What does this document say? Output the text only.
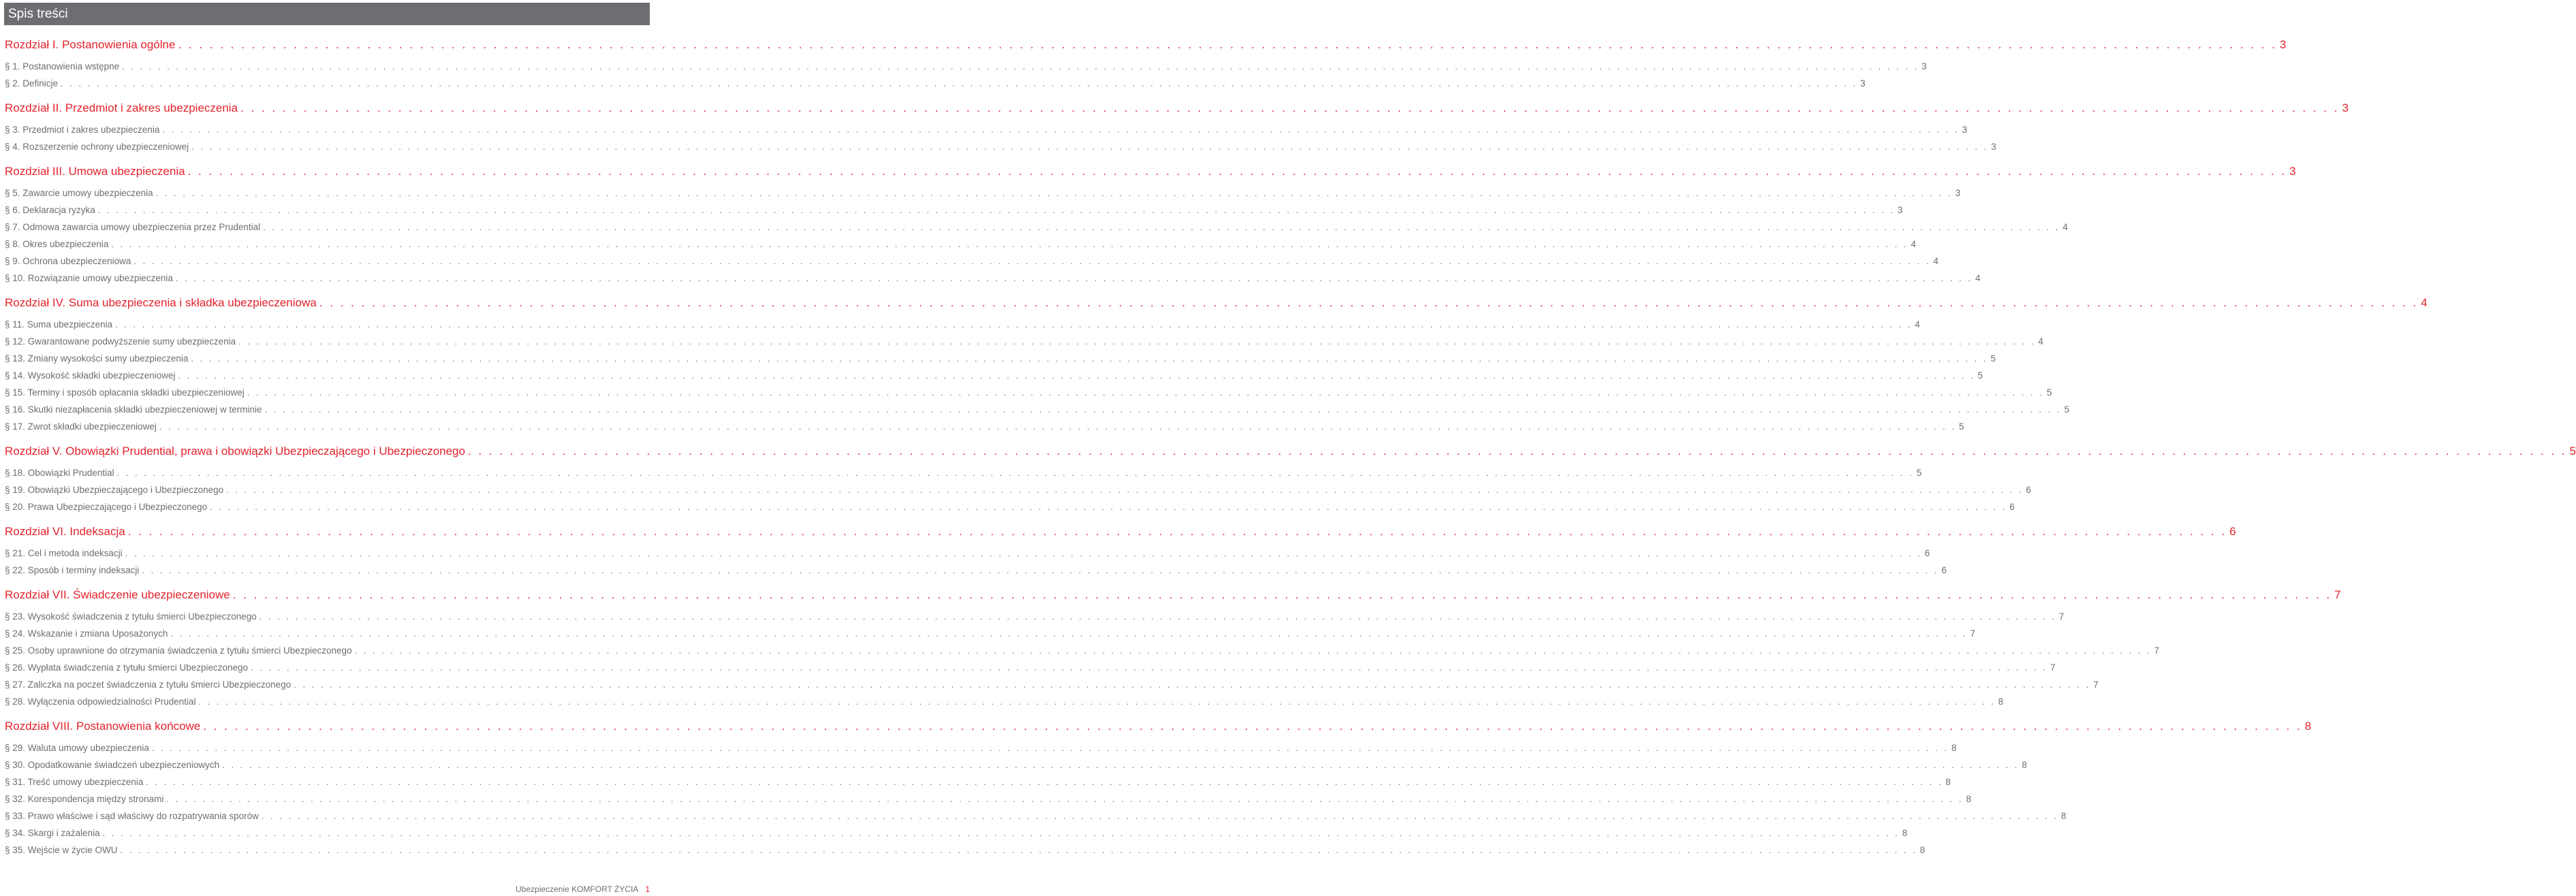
Spis treści
Rozdział I. Postanowienia ogólne . . . . . . . . . . . . . . . . . . . . . . . . . . . . . . . . . . . . . . . . . . . . . . . . . . . . . . . . . . . . . . . . . . . . . . . . . . . . . . . . . . . . . . . . . . . . . . . . . . . . . . . . . . . . . . . . . . . . . . . . . . . . . . . . . . . . . . . . . . . . . . . . . . . . . . . . . . . . . . . . . . . . . . . . . . . . . . . . . . . . . . . . . . . . . . . . . . . . . . . . 3
§ 1. Postanowienia wstępne . . . . . . . . . . . . . . . . . . . . . . . . . . . . . . . . . . . . . . . . . . . . . . . . . . . . . . . . . . . . . . . . . . . . . . . . . . . . . . . . . . . . . . . . . . . . . . . . . . . . . . . . . . . . . . . . . . . . . . . . . . . . . . . . . . . . . . . . . . . . . . . . . . . . . . . . . . . . . . . . . . . . . . . . . . . . . . . . . . . . . . . . . . . . . . . . . . . . . . . . 3
§ 2. Definicje . . . . . . . . . . . . . . . . . . . . . . . . . . . . . . . . . . . . . . . . . . . . . . . . . . . . . . . . . . . . . . . . . . . . . . . . . . . . . . . . . . . . . . . . . . . . . . . . . . . . . . . . . . . . . . . . . . . . . . . . . . . . . . . . . . . . . . . . . . . . . . . . . . . . . . . . . . . . . . . . . . . . . . . . . . . . . . . . . . . . . . . . . . . . . . . . . . . . . . . . 3
Rozdział II. Przedmiot i zakres ubezpieczenia . . . . . . . . . . . . . . . . . . . . . . . . . . . . . . . . . . . . . . . . . . . . . . . . . . . . . . . . . . . . . . . . . . . . . . . . . . . . . . . . . . . . . . . . . . . . . . . . . . . . . . . . . . . . . . . . . . . . . . . . . . . . . . . . . . . . . . . . . . . . . . . . . . . . . . . . . . . . . . . . . . . . . . . . . . . . . . . . . . . . . . . . . . . . . . . . . . . . . . . . 3
§ 3. Przedmiot i zakres ubezpieczenia . . . . . . . . . . . . . . . . . . . . . . . . . . . . . . . . . . . . . . . . . . . . . . . . . . . . . . . . . . . . . . . . . . . . . . . . . . . . . . . . . . . . . . . . . . . . . . . . . . . . . . . . . . . . . . . . . . . . . . . . . . . . . . . . . . . . . . . . . . . . . . . . . . . . . . . . . . . . . . . . . . . . . . . . . . . . . . . . . . . . . . . . . . . . . . . . . . . . . . . . 3
§ 4. Rozszerzenie ochrony ubezpieczeniowej . . . . . . . . . . . . . . . . . . . . . . . . . . . . . . . . . . . . . . . . . . . . . . . . . . . . . . . . . . . . . . . . . . . . . . . . . . . . . . . . . . . . . . . . . . . . . . . . . . . . . . . . . . . . . . . . . . . . . . . . . . . . . . . . . . . . . . . . . . . . . . . . . . . . . . . . . . . . . . . . . . . . . . . . . . . . . . . . . . . . . . . . . . . . . . . . . . . . . . . . 3
Rozdział III. Umowa ubezpieczenia . . . . . . . . . . . . . . . . . . . . . . . . . . . . . . . . . . . . . . . . . . . . . . . . . . . . . . . . . . . . . . . . . . . . . . . . . . . . . . . . . . . . . . . . . . . . . . . . . . . . . . . . . . . . . . . . . . . . . . . . . . . . . . . . . . . . . . . . . . . . . . . . . . . . . . . . . . . . . . . . . . . . . . . . . . . . . . . . . . . . . . . . . . . . . . . . . . . . . . . . 3
§ 5. Zawarcie umowy ubezpieczenia . . . . . . . . . . . . . . . . . . . . . . . . . . . . . . . . . . . . . . . . . . . . . . . . . . . . . . . . . . . . . . . . . . . . . . . . . . . . . . . . . . . . . . . . . . . . . . . . . . . . . . . . . . . . . . . . . . . . . . . . . . . . . . . . . . . . . . . . . . . . . . . . . . . . . . . . . . . . . . . . . . . . . . . . . . . . . . . . . . . . . . . . . . . . . . . . . . . . . . . . 3
§ 6. Deklaracja ryzyka . . . . . . . . . . . . . . . . . . . . . . . . . . . . . . . . . . . . . . . . . . . . . . . . . . . . . . . . . . . . . . . . . . . . . . . . . . . . . . . . . . . . . . . . . . . . . . . . . . . . . . . . . . . . . . . . . . . . . . . . . . . . . . . . . . . . . . . . . . . . . . . . . . . . . . . . . . . . . . . . . . . . . . . . . . . . . . . . . . . . . . . . . . . . . . . . . . . . . . . . 3
§ 7. Odmowa zawarcia umowy ubezpieczenia przez Prudential . . . . . . . . . . . . . . . . . . . . . . . . . . . . . . . . . . . . . . . . . . . . . . . . . . . . . . . . . . . . . . . . . . . . . . . . . . . . . . . . . . . . . . . . . . . . . . . . . . . . . . . . . . . . . . . . . . . . . . . . . . . . . . . . . . . . . . . . . . . . . . . . . . . . . . . . . . . . . . . . . . . . . . . . . . . . . . . . . . . . . . . . . . . . . . . . . . . . . . . . 4
§ 8. Okres ubezpieczenia . . . . . . . . . . . . . . . . . . . . . . . . . . . . . . . . . . . . . . . . . . . . . . . . . . . . . . . . . . . . . . . . . . . . . . . . . . . . . . . . . . . . . . . . . . . . . . . . . . . . . . . . . . . . . . . . . . . . . . . . . . . . . . . . . . . . . . . . . . . . . . . . . . . . . . . . . . . . . . . . . . . . . . . . . . . . . . . . . . . . . . . . . . . . . . . . . . . . . . . . 4
§ 9. Ochrona ubezpieczeniowa . . . . . . . . . . . . . . . . . . . . . . . . . . . . . . . . . . . . . . . . . . . . . . . . . . . . . . . . . . . . . . . . . . . . . . . . . . . . . . . . . . . . . . . . . . . . . . . . . . . . . . . . . . . . . . . . . . . . . . . . . . . . . . . . . . . . . . . . . . . . . . . . . . . . . . . . . . . . . . . . . . . . . . . . . . . . . . . . . . . . . . . . . . . . . . . . . . . . . . . . 4
§ 10. Rozwiązanie umowy ubezpieczenia . . . . . . . . . . . . . . . . . . . . . . . . . . . . . . . . . . . . . . . . . . . . . . . . . . . . . . . . . . . . . . . . . . . . . . . . . . . . . . . . . . . . . . . . . . . . . . . . . . . . . . . . . . . . . . . . . . . . . . . . . . . . . . . . . . . . . . . . . . . . . . . . . . . . . . . . . . . . . . . . . . . . . . . . . . . . . . . . . . . . . . . . . . . . . . . . . . . . . . . . 4
Rozdział IV. Suma ubezpieczenia i składka ubezpieczeniowa . . . . . . . . . . . . . . . . . . . . . . . . . . . . . . . . . . . . . . . . . . . . . . . . . . . . . . . . . . . . . . . . . . . . . . . . . . . . . . . . . . . . . . . . . . . . . . . . . . . . . . . . . . . . . . . . . . . . . . . . . . . . . . . . . . . . . . . . . . . . . . . . . . . . . . . . . . . . . . . . . . . . . . . . . . . . . . . . . . . . . . . . . . . . . . . . . . . . . . . . 4
§ 11. Suma ubezpieczenia . . . . . . . . . . . . . . . . . . . . . . . . . . . . . . . . . . . . . . . . . . . . . . . . . . . . . . . . . . . . . . . . . . . . . . . . . . . . . . . . . . . . . . . . . . . . . . . . . . . . . . . . . . . . . . . . . . . . . . . . . . . . . . . . . . . . . . . . . . . . . . . . . . . . . . . . . . . . . . . . . . . . . . . . . . . . . . . . . . . . . . . . . . . . . . . . . . . . . . . . 4
§ 12. Gwarantowane podwyższenie sumy ubezpieczenia . . . . . . . . . . . . . . . . . . . . . . . . . . . . . . . . . . . . . . . . . . . . . . . . . . . . . . . . . . . . . . . . . . . . . . . . . . . . . . . . . . . . . . . . . . . . . . . . . . . . . . . . . . . . . . . . . . . . . . . . . . . . . . . . . . . . . . . . . . . . . . . . . . . . . . . . . . . . . . . . . . . . . . . . . . . . . . . . . . . . . . . . . . . . . . . . . . . . . . . . 4
§ 13. Zmiany wysokości sumy ubezpieczenia . . . . . . . . . . . . . . . . . . . . . . . . . . . . . . . . . . . . . . . . . . . . . . . . . . . . . . . . . . . . . . . . . . . . . . . . . . . . . . . . . . . . . . . . . . . . . . . . . . . . . . . . . . . . . . . . . . . . . . . . . . . . . . . . . . . . . . . . . . . . . . . . . . . . . . . . . . . . . . . . . . . . . . . . . . . . . . . . . . . . . . . . . . . . . . . . . . . . . . . . 5
§ 14. Wysokość składki ubezpieczeniowej . . . . . . . . . . . . . . . . . . . . . . . . . . . . . . . . . . . . . . . . . . . . . . . . . . . . . . . . . . . . . . . . . . . . . . . . . . . . . . . . . . . . . . . . . . . . . . . . . . . . . . . . . . . . . . . . . . . . . . . . . . . . . . . . . . . . . . . . . . . . . . . . . . . . . . . . . . . . . . . . . . . . . . . . . . . . . . . . . . . . . . . . . . . . . . . . . . . . . . . . 5
§ 15. Terminy i sposób opłacania składki ubezpieczeniowej . . . . . . . . . . . . . . . . . . . . . . . . . . . . . . . . . . . . . . . . . . . . . . . . . . . . . . . . . . . . . . . . . . . . . . . . . . . . . . . . . . . . . . . . . . . . . . . . . . . . . . . . . . . . . . . . . . . . . . . . . . . . . . . . . . . . . . . . . . . . . . . . . . . . . . . . . . . . . . . . . . . . . . . . . . . . . . . . . . . . . . . . . . . . . . . . . . . . . . . . 5
§ 16. Skutki niezapłacenia składki ubezpieczeniowej w terminie . . . . . . . . . . . . . . . . . . . . . . . . . . . . . . . . . . . . . . . . . . . . . . . . . . . . . . . . . . . . . . . . . . . . . . . . . . . . . . . . . . . . . . . . . . . . . . . . . . . . . . . . . . . . . . . . . . . . . . . . . . . . . . . . . . . . . . . . . . . . . . . . . . . . . . . . . . . . . . . . . . . . . . . . . . . . . . . . . . . . . . . . . . . . . . . . . . . . . . . . 5
§ 17. Zwrot składki ubezpieczeniowej . . . . . . . . . . . . . . . . . . . . . . . . . . . . . . . . . . . . . . . . . . . . . . . . . . . . . . . . . . . . . . . . . . . . . . . . . . . . . . . . . . . . . . . . . . . . . . . . . . . . . . . . . . . . . . . . . . . . . . . . . . . . . . . . . . . . . . . . . . . . . . . . . . . . . . . . . . . . . . . . . . . . . . . . . . . . . . . . . . . . . . . . . . . . . . . . . . . . . . . . 5
Rozdział V. Obowiązki Prudential, prawa i obowiązki Ubezpieczającego i Ubezpieczonego . . . . . . . . . . . . . . . . . . . . . . . . . . . . . . . . . . . . . . . . . . . . . . . . . . . . . . . . . . . . . . . . . . . . . . . . . . . . . . . . . . . . . . . . . . . . . . . . . . . . . . . . . . . . . . . . . . . . . . . . . . . . . . . . . . . . . . . . . . . . . . . . . . . . . . . . . . . . . . . . . . . . . . . . . . . . . . . . . . . . . . . . . . . . . . . . . . . . . . . . 5
§ 18. Obowiązki Prudential . . . . . . . . . . . . . . . . . . . . . . . . . . . . . . . . . . . . . . . . . . . . . . . . . . . . . . . . . . . . . . . . . . . . . . . . . . . . . . . . . . . . . . . . . . . . . . . . . . . . . . . . . . . . . . . . . . . . . . . . . . . . . . . . . . . . . . . . . . . . . . . . . . . . . . . . . . . . . . . . . . . . . . . . . . . . . . . . . . . . . . . . . . . . . . . . . . . . . . . . 5
§ 19. Obowiązki Ubezpieczającego i Ubezpieczonego . . . . . . . . . . . . . . . . . . . . . . . . . . . . . . . . . . . . . . . . . . . . . . . . . . . . . . . . . . . . . . . . . . . . . . . . . . . . . . . . . . . . . . . . . . . . . . . . . . . . . . . . . . . . . . . . . . . . . . . . . . . . . . . . . . . . . . . . . . . . . . . . . . . . . . . . . . . . . . . . . . . . . . . . . . . . . . . . . . . . . . . . . . . . . . . . . . . . . . . . 6
§ 20. Prawa Ubezpieczającego i Ubezpieczonego . . . . . . . . . . . . . . . . . . . . . . . . . . . . . . . . . . . . . . . . . . . . . . . . . . . . . . . . . . . . . . . . . . . . . . . . . . . . . . . . . . . . . . . . . . . . . . . . . . . . . . . . . . . . . . . . . . . . . . . . . . . . . . . . . . . . . . . . . . . . . . . . . . . . . . . . . . . . . . . . . . . . . . . . . . . . . . . . . . . . . . . . . . . . . . . . . . . . . . . . 6
Rozdział VI. Indeksacja . . . . . . . . . . . . . . . . . . . . . . . . . . . . . . . . . . . . . . . . . . . . . . . . . . . . . . . . . . . . . . . . . . . . . . . . . . . . . . . . . . . . . . . . . . . . . . . . . . . . . . . . . . . . . . . . . . . . . . . . . . . . . . . . . . . . . . . . . . . . . . . . . . . . . . . . . . . . . . . . . . . . . . . . . . . . . . . . . . . . . . . . . . . . . . . . . . . . . . . . 6
§ 21. Cel i metoda indeksacji . . . . . . . . . . . . . . . . . . . . . . . . . . . . . . . . . . . . . . . . . . . . . . . . . . . . . . . . . . . . . . . . . . . . . . . . . . . . . . . . . . . . . . . . . . . . . . . . . . . . . . . . . . . . . . . . . . . . . . . . . . . . . . . . . . . . . . . . . . . . . . . . . . . . . . . . . . . . . . . . . . . . . . . . . . . . . . . . . . . . . . . . . . . . . . . . . . . . . . . . 6
§ 22. Sposób i terminy indeksacji . . . . . . . . . . . . . . . . . . . . . . . . . . . . . . . . . . . . . . . . . . . . . . . . . . . . . . . . . . . . . . . . . . . . . . . . . . . . . . . . . . . . . . . . . . . . . . . . . . . . . . . . . . . . . . . . . . . . . . . . . . . . . . . . . . . . . . . . . . . . . . . . . . . . . . . . . . . . . . . . . . . . . . . . . . . . . . . . . . . . . . . . . . . . . . . . . . . . . . . . 6
Rozdział VII. Świadczenie ubezpieczeniowe . . . . . . . . . . . . . . . . . . . . . . . . . . . . . . . . . . . . . . . . . . . . . . . . . . . . . . . . . . . . . . . . . . . . . . . . . . . . . . . . . . . . . . . . . . . . . . . . . . . . . . . . . . . . . . . . . . . . . . . . . . . . . . . . . . . . . . . . . . . . . . . . . . . . . . . . . . . . . . . . . . . . . . . . . . . . . . . . . . . . . . . . . . . . . . . . . . . . . . . . 7
§ 23. Wysokość świadczenia z tytułu śmierci Ubezpieczonego . . . . . . . . . . . . . . . . . . . . . . . . . . . . . . . . . . . . . . . . . . . . . . . . . . . . . . . . . . . . . . . . . . . . . . . . . . . . . . . . . . . . . . . . . . . . . . . . . . . . . . . . . . . . . . . . . . . . . . . . . . . . . . . . . . . . . . . . . . . . . . . . . . . . . . . . . . . . . . . . . . . . . . . . . . . . . . . . . . . . . . . . . . . . . . . . . . . . . . . . 7
§ 24. Wskazanie i zmiana Uposażonych . . . . . . . . . . . . . . . . . . . . . . . . . . . . . . . . . . . . . . . . . . . . . . . . . . . . . . . . . . . . . . . . . . . . . . . . . . . . . . . . . . . . . . . . . . . . . . . . . . . . . . . . . . . . . . . . . . . . . . . . . . . . . . . . . . . . . . . . . . . . . . . . . . . . . . . . . . . . . . . . . . . . . . . . . . . . . . . . . . . . . . . . . . . . . . . . . . . . . . . . 7
§ 25. Osoby uprawnione do otrzymania świadczenia z tytułu śmierci Ubezpieczonego . . . . . . . . . . . . . . . . . . . . . . . . . . . . . . . . . . . . . . . . . . . . . . . . . . . . . . . . . . . . . . . . . . . . . . . . . . . . . . . . . . . . . . . . . . . . . . . . . . . . . . . . . . . . . . . . . . . . . . . . . . . . . . . . . . . . . . . . . . . . . . . . . . . . . . . . . . . . . . . . . . . . . . . . . . . . . . . . . . . . . . . . . . . . . . . . . . . . . . . . 7
§ 26. Wypłata świadczenia z tytułu śmierci Ubezpieczonego . . . . . . . . . . . . . . . . . . . . . . . . . . . . . . . . . . . . . . . . . . . . . . . . . . . . . . . . . . . . . . . . . . . . . . . . . . . . . . . . . . . . . . . . . . . . . . . . . . . . . . . . . . . . . . . . . . . . . . . . . . . . . . . . . . . . . . . . . . . . . . . . . . . . . . . . . . . . . . . . . . . . . . . . . . . . . . . . . . . . . . . . . . . . . . . . . . . . . . . . 7
§ 27. Zaliczka na poczet świadczenia z tytułu śmierci Ubezpieczonego . . . . . . . . . . . . . . . . . . . . . . . . . . . . . . . . . . . . . . . . . . . . . . . . . . . . . . . . . . . . . . . . . . . . . . . . . . . . . . . . . . . . . . . . . . . . . . . . . . . . . . . . . . . . . . . . . . . . . . . . . . . . . . . . . . . . . . . . . . . . . . . . . . . . . . . . . . . . . . . . . . . . . . . . . . . . . . . . . . . . . . . . . . . . . . . . . . . . . . . . 7
§ 28. Wyłączenia odpowiedzialności Prudential . . . . . . . . . . . . . . . . . . . . . . . . . . . . . . . . . . . . . . . . . . . . . . . . . . . . . . . . . . . . . . . . . . . . . . . . . . . . . . . . . . . . . . . . . . . . . . . . . . . . . . . . . . . . . . . . . . . . . . . . . . . . . . . . . . . . . . . . . . . . . . . . . . . . . . . . . . . . . . . . . . . . . . . . . . . . . . . . . . . . . . . . . . . . . . . . . . . . . . . . 8
Rozdział VIII. Postanowienia końcowe . . . . . . . . . . . . . . . . . . . . . . . . . . . . . . . . . . . . . . . . . . . . . . . . . . . . . . . . . . . . . . . . . . . . . . . . . . . . . . . . . . . . . . . . . . . . . . . . . . . . . . . . . . . . . . . . . . . . . . . . . . . . . . . . . . . . . . . . . . . . . . . . . . . . . . . . . . . . . . . . . . . . . . . . . . . . . . . . . . . . . . . . . . . . . . . . . . . . . . . . 8
§ 29. Waluta umowy ubezpieczenia . . . . . . . . . . . . . . . . . . . . . . . . . . . . . . . . . . . . . . . . . . . . . . . . . . . . . . . . . . . . . . . . . . . . . . . . . . . . . . . . . . . . . . . . . . . . . . . . . . . . . . . . . . . . . . . . . . . . . . . . . . . . . . . . . . . . . . . . . . . . . . . . . . . . . . . . . . . . . . . . . . . . . . . . . . . . . . . . . . . . . . . . . . . . . . . . . . . . . . . . 8
§ 30. Opodatkowanie świadczeń ubezpieczeniowych . . . . . . . . . . . . . . . . . . . . . . . . . . . . . . . . . . . . . . . . . . . . . . . . . . . . . . . . . . . . . . . . . . . . . . . . . . . . . . . . . . . . . . . . . . . . . . . . . . . . . . . . . . . . . . . . . . . . . . . . . . . . . . . . . . . . . . . . . . . . . . . . . . . . . . . . . . . . . . . . . . . . . . . . . . . . . . . . . . . . . . . . . . . . . . . . . . . . . . . . 8
§ 31. Treść umowy ubezpieczenia . . . . . . . . . . . . . . . . . . . . . . . . . . . . . . . . . . . . . . . . . . . . . . . . . . . . . . . . . . . . . . . . . . . . . . . . . . . . . . . . . . . . . . . . . . . . . . . . . . . . . . . . . . . . . . . . . . . . . . . . . . . . . . . . . . . . . . . . . . . . . . . . . . . . . . . . . . . . . . . . . . . . . . . . . . . . . . . . . . . . . . . . . . . . . . . . . . . . . . . . 8
§ 32. Korespondencja między stronami . . . . . . . . . . . . . . . . . . . . . . . . . . . . . . . . . . . . . . . . . . . . . . . . . . . . . . . . . . . . . . . . . . . . . . . . . . . . . . . . . . . . . . . . . . . . . . . . . . . . . . . . . . . . . . . . . . . . . . . . . . . . . . . . . . . . . . . . . . . . . . . . . . . . . . . . . . . . . . . . . . . . . . . . . . . . . . . . . . . . . . . . . . . . . . . . . . . . . . . . 8
§ 33. Prawo właściwe i sąd właściwy do rozpatrywania sporów . . . . . . . . . . . . . . . . . . . . . . . . . . . . . . . . . . . . . . . . . . . . . . . . . . . . . . . . . . . . . . . . . . . . . . . . . . . . . . . . . . . . . . . . . . . . . . . . . . . . . . . . . . . . . . . . . . . . . . . . . . . . . . . . . . . . . . . . . . . . . . . . . . . . . . . . . . . . . . . . . . . . . . . . . . . . . . . . . . . . . . . . . . . . . . . . . . . . . . . . 8
§ 34. Skargi i zażalenia . . . . . . . . . . . . . . . . . . . . . . . . . . . . . . . . . . . . . . . . . . . . . . . . . . . . . . . . . . . . . . . . . . . . . . . . . . . . . . . . . . . . . . . . . . . . . . . . . . . . . . . . . . . . . . . . . . . . . . . . . . . . . . . . . . . . . . . . . . . . . . . . . . . . . . . . . . . . . . . . . . . . . . . . . . . . . . . . . . . . . . . . . . . . . . . . . . . . . . . . 8
§ 35. Wejście w życie OWU . . . . . . . . . . . . . . . . . . . . . . . . . . . . . . . . . . . . . . . . . . . . . . . . . . . . . . . . . . . . . . . . . . . . . . . . . . . . . . . . . . . . . . . . . . . . . . . . . . . . . . . . . . . . . . . . . . . . . . . . . . . . . . . . . . . . . . . . . . . . . . . . . . . . . . . . . . . . . . . . . . . . . . . . . . . . . . . . . . . . . . . . . . . . . . . . . . . . . . . . 8
Ubezpieczenie KOMFORT ŻYCIA 1
